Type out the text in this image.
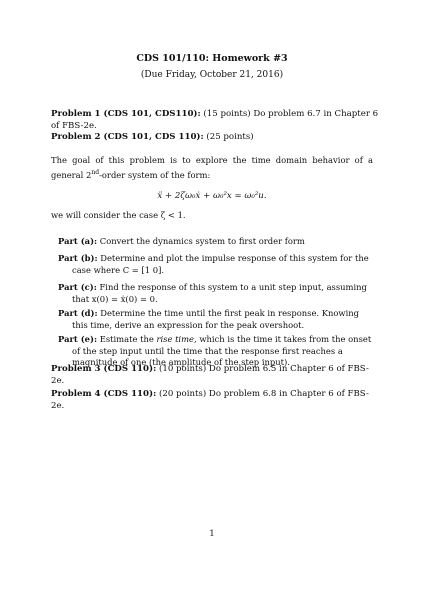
CDS 101/110: Homework #3
(Due Friday, October 21, 2016)
Problem 1 (CDS 101, CDS110): (15 points) Do problem 6.7 in Chapter 6 of FBS-2e.
Problem 2 (CDS 101, CDS 110): (25 points)
The goal of this problem is to explore the time domain behavior of a general 2nd-order system of the form:
ẍ + 2ζω₀ẋ + ω₀²x = ω₀²u.
we will consider the case ζ < 1.
Part (a): Convert the dynamics system to first order form
Part (b): Determine and plot the impulse response of this system for the case where C = [1 0].
Part (c): Find the response of this system to a unit step input, assuming that x(0) = ẋ(0) = 0.
Part (d): Determine the time until the first peak in response. Knowing this time, derive an expression for the peak overshoot.
Part (e): Estimate the rise time, which is the time it takes from the onset of the step input until the time that the response first reaches a magnitude of one (the amplitude of the step input).
Problem 3 (CDS 110): (10 points) Do problem 6.5 in Chapter 6 of FBS-2e.
Problem 4 (CDS 110): (20 points) Do problem 6.8 in Chapter 6 of FBS-2e.
1
